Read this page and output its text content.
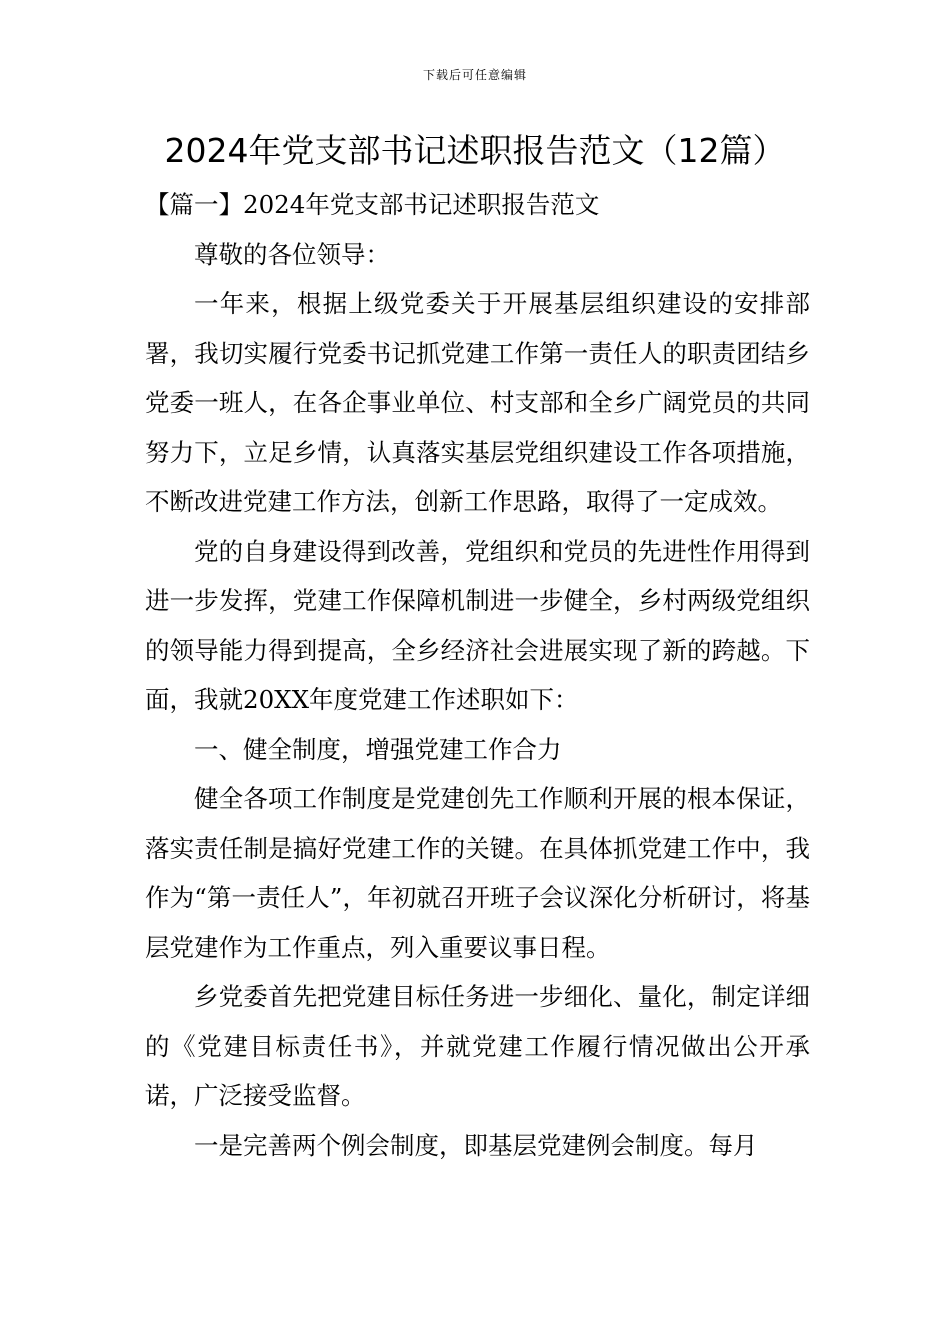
下载后可任意编辑
2024年党支部书记述职报告范文（12篇）

【篇一】2024年党支部书记述职报告范文

尊敬的各位领导：

一年来，根据上级党委关于开展基层组织建设的安排部署，我切实履行党委书记抓党建工作第一责任人的职责团结乡党委一班人，在各企事业单位、村支部和全乡广阔党员的共同努力下，立足乡情，认真落实基层党组织建设工作各项措施，不断改进党建工作方法，创新工作思路，取得了一定成效。

党的自身建设得到改善，党组织和党员的先进性作用得到进一步发挥，党建工作保障机制进一步健全，乡村两级党组织的领导能力得到提高，全乡经济社会进展实现了新的跨越。下面，我就20XX年度党建工作述职如下：

一、健全制度，增强党建工作合力

健全各项工作制度是党建创先工作顺利开展的根本保证，落实责任制是搞好党建工作的关键。在具体抓党建工作中，我作为“第一责任人”，年初就召开班子会议深化分析研讨，将基层党建作为工作重点，列入重要议事日程。

乡党委首先把党建目标任务进一步细化、量化，制定详细的《党建目标责任书》，并就党建工作履行情况做出公开承诺，广泛接受监督。

一是完善两个例会制度，即基层党建例会制度。每月
